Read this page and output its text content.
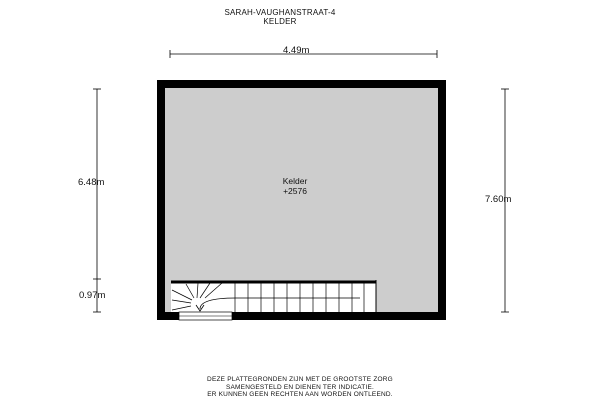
SARAH-VAUGHANSTRAAT-4
KELDER
4.49m
6.48m
0.97m
7.60m
Kelder
+2576
DEZE PLATTEGRONDEN ZIJN MET DE GROOTSTE ZORG
SAMENGESTELD EN DIENEN TER INDICATIE.
ER KUNNEN GEEN RECHTEN AAN WORDEN ONTLEEND.
